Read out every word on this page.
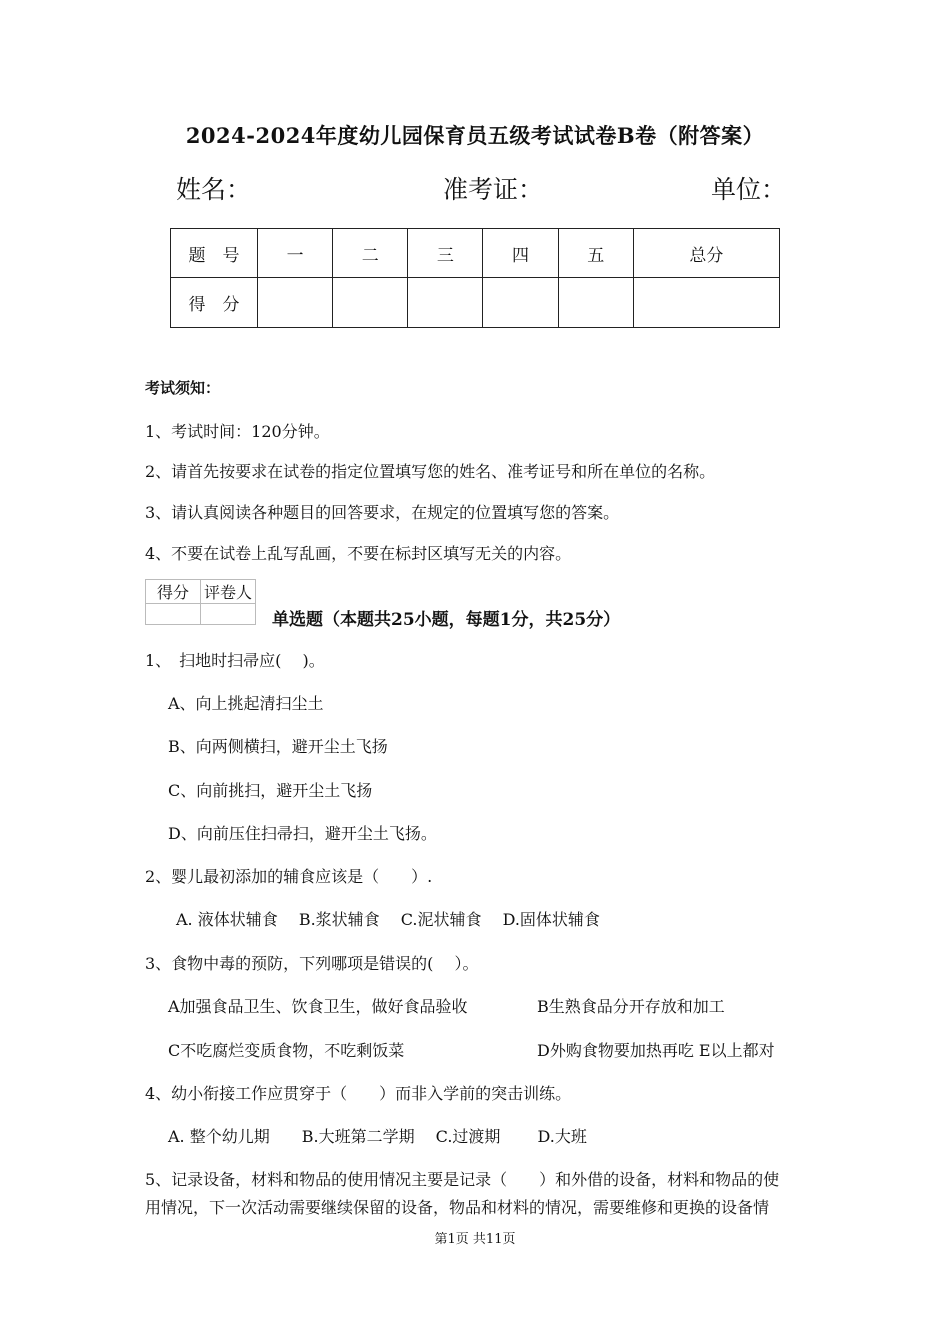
2024-2024年度幼儿园保育员五级考试试卷B卷（附答案）
姓名：	准考证：	单位：
题　号	一	二	三	四	五	总分
得　分						
考试须知：
1、考试时间：120分钟。
2、请首先按要求在试卷的指定位置填写您的姓名、准考证号和所在单位的名称。
3、请认真阅读各种题目的回答要求，在规定的位置填写您的答案。
4、不要在试卷上乱写乱画，不要在标封区填写无关的内容。
得分	评卷人

单选题（本题共25小题，每题1分，共25分）
1、　扫地时扫帚应(　 )。
A、向上挑起清扫尘土
B、向两侧横扫，避开尘土飞扬
C、向前挑扫，避开尘土飞扬
D、向前压住扫帚扫，避开尘土飞扬。
2、婴儿最初添加的辅食应该是（　　）.
A. 液体状辅食　 B.浆状辅食　 C.泥状辅食　 D.固体状辅食
3、食物中毒的预防，下列哪项是错误的(　 ）。
A加强食品卫生、饮食卫生，做好食品验收	B生熟食品分开存放和加工
C不吃腐烂变质食物，不吃剩饭菜	D外购食物要加热再吃 E以上都对
4、幼小衔接工作应贯穿于（　　）而非入学前的突击训练。
A. 整个幼儿期　　B.大班第二学期　 C.过渡期　　 D.大班
5、记录设备，材料和物品的使用情况主要是记录（　　）和外借的设备，材料和物品的使
用情况，下一次活动需要继续保留的设备，物品和材料的情况，需要维修和更换的设备情
第1页 共11页
